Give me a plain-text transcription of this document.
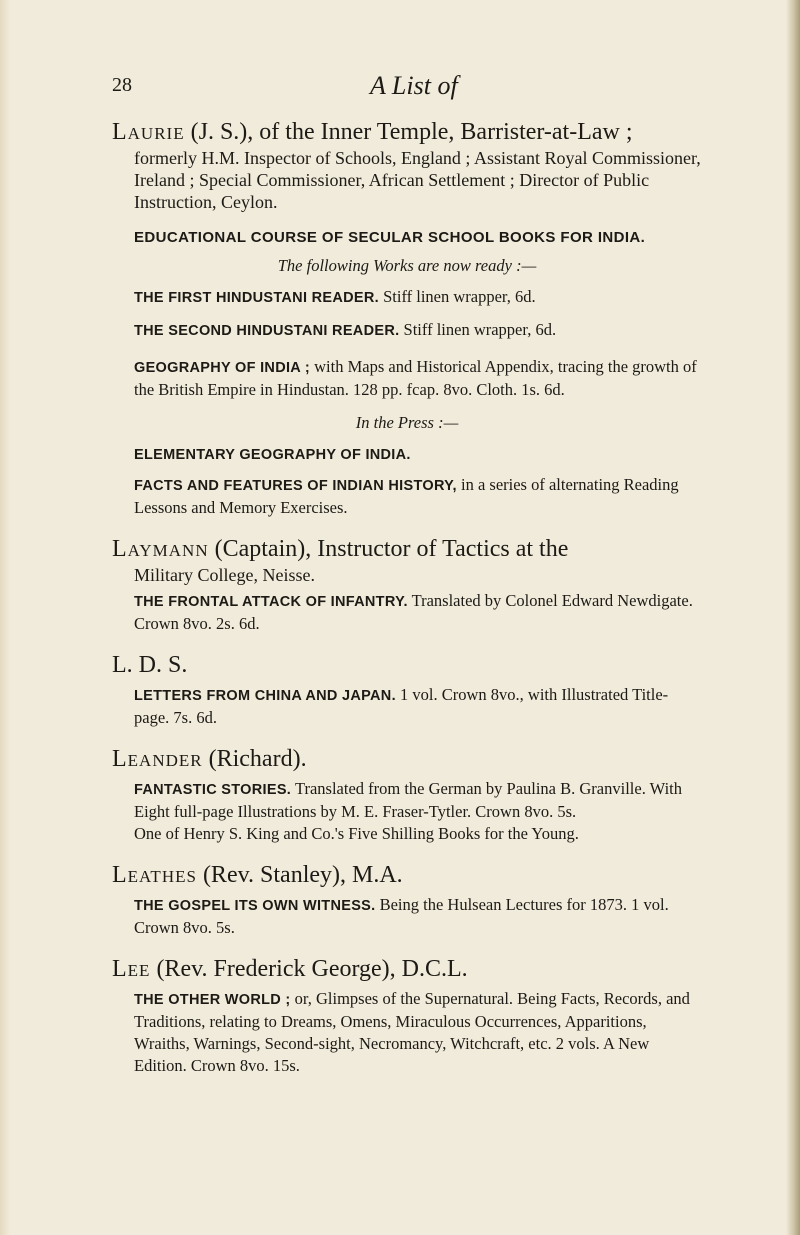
28	A List of
Laurie (J. S.), of the Inner Temple, Barrister-at-Law ;
formerly H.M. Inspector of Schools, England ; Assistant Royal Commissioner, Ireland ; Special Commissioner, African Settlement ; Director of Public Instruction, Ceylon.
EDUCATIONAL COURSE OF SECULAR SCHOOL BOOKS FOR INDIA.
The following Works are now ready :—
THE FIRST HINDUSTANI READER. Stiff linen wrapper, 6d.
THE SECOND HINDUSTANI READER. Stiff linen wrapper, 6d.
GEOGRAPHY OF INDIA ; with Maps and Historical Appendix, tracing the growth of the British Empire in Hindustan. 128 pp. fcap. 8vo. Cloth. 1s. 6d.
In the Press :—
ELEMENTARY GEOGRAPHY OF INDIA.
FACTS AND FEATURES OF INDIAN HISTORY, in a series of alternating Reading Lessons and Memory Exercises.
Laymann (Captain), Instructor of Tactics at the
Military College, Neisse.
THE FRONTAL ATTACK OF INFANTRY. Translated by Colonel Edward Newdigate. Crown 8vo. 2s. 6d.
L. D. S.
LETTERS FROM CHINA AND JAPAN. 1 vol. Crown 8vo., with Illustrated Title-page. 7s. 6d.
Leander (Richard).
FANTASTIC STORIES. Translated from the German by Paulina B. Granville. With Eight full-page Illustrations by M. E. Fraser-Tytler. Crown 8vo. 5s.
One of Henry S. King and Co.'s Five Shilling Books for the Young.
Leathes (Rev. Stanley), M.A.
THE GOSPEL ITS OWN WITNESS. Being the Hulsean Lectures for 1873. 1 vol. Crown 8vo. 5s.
Lee (Rev. Frederick George), D.C.L.
THE OTHER WORLD ; or, Glimpses of the Supernatural. Being Facts, Records, and Traditions, relating to Dreams, Omens, Miraculous Occurrences, Apparitions, Wraiths, Warnings, Second-sight, Necromancy, Witchcraft, etc. 2 vols. A New Edition. Crown 8vo. 15s.
